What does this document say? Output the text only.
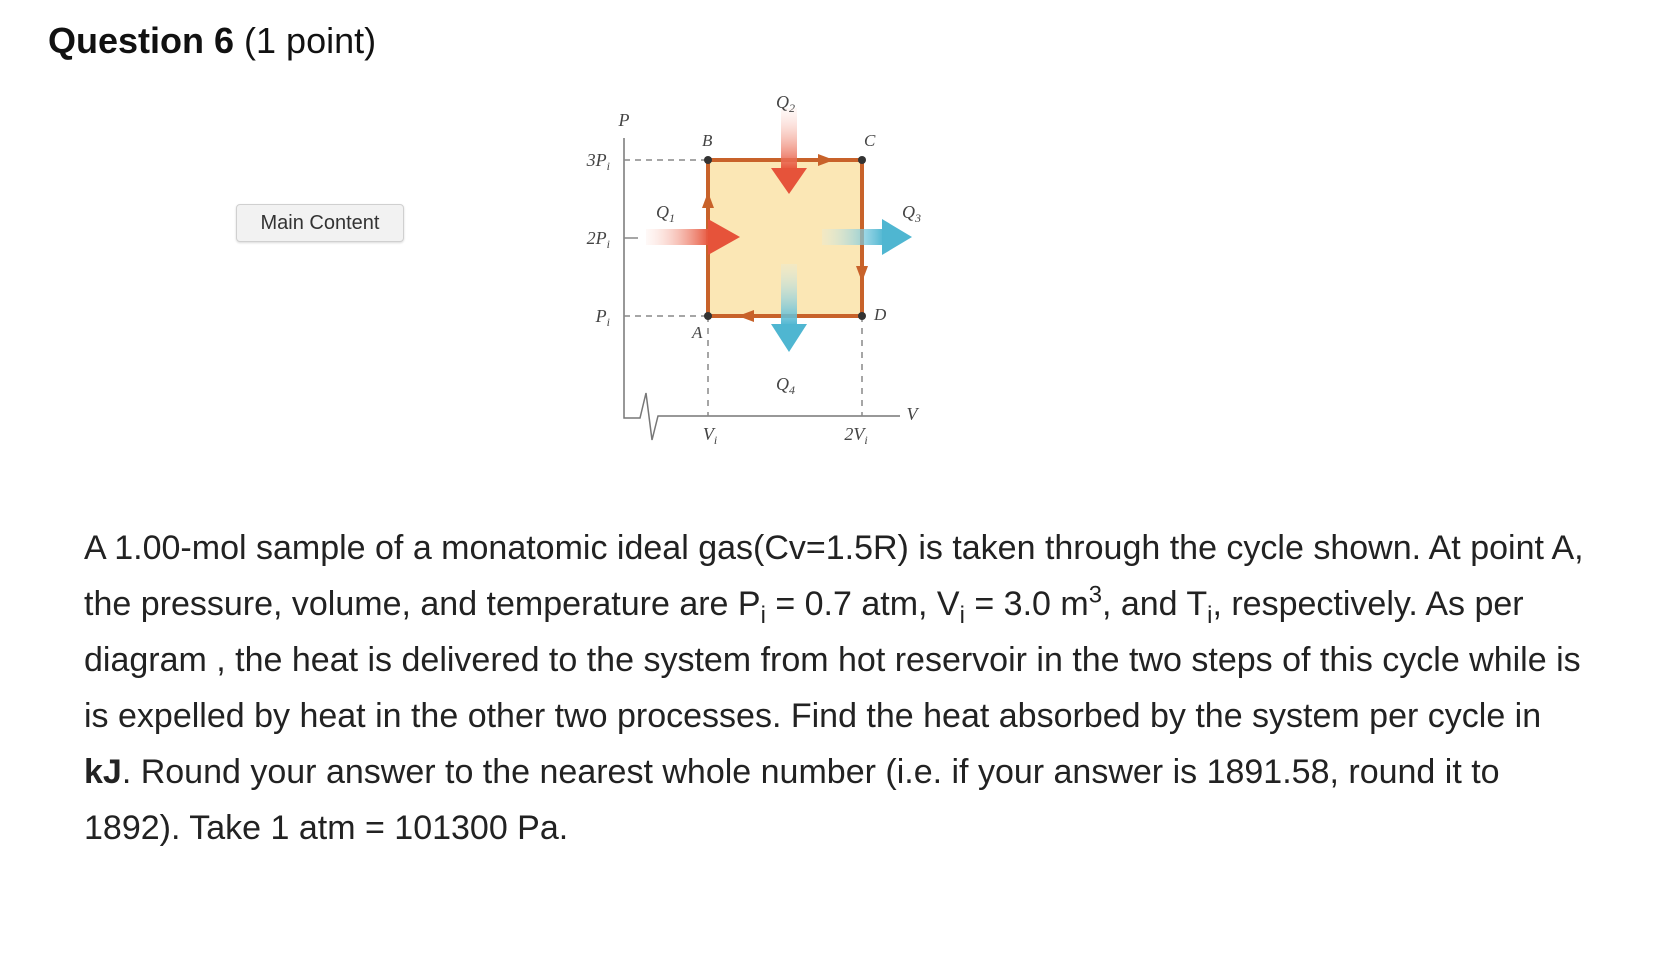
Question 6 (1 point)
Main Content
P
V
$3P_i$
$2P_i$
$P_i$
$V_i$	$2V_i$
A
B	C
D
$Q_1$
$Q_2$
$Q_3$
$Q_4$

A 1.00-mol sample of a monatomic ideal gas(Cv=1.5R) is taken through the cycle shown. At point A, the pressure, volume, and temperature are $P_i = 0.7$ atm, $V_i = 3.0$ $m^3$, and $T_i$, respectively. As per diagram , the heat is delivered to the system from hot reservoir in the two steps of this cycle while is is expelled by heat in the other two processes. Find the heat absorbed by the system per cycle in kJ. Round your answer to the nearest whole number (i.e. if your answer is 1891.58, round it to 1892). Take 1 atm = 101300 Pa.
